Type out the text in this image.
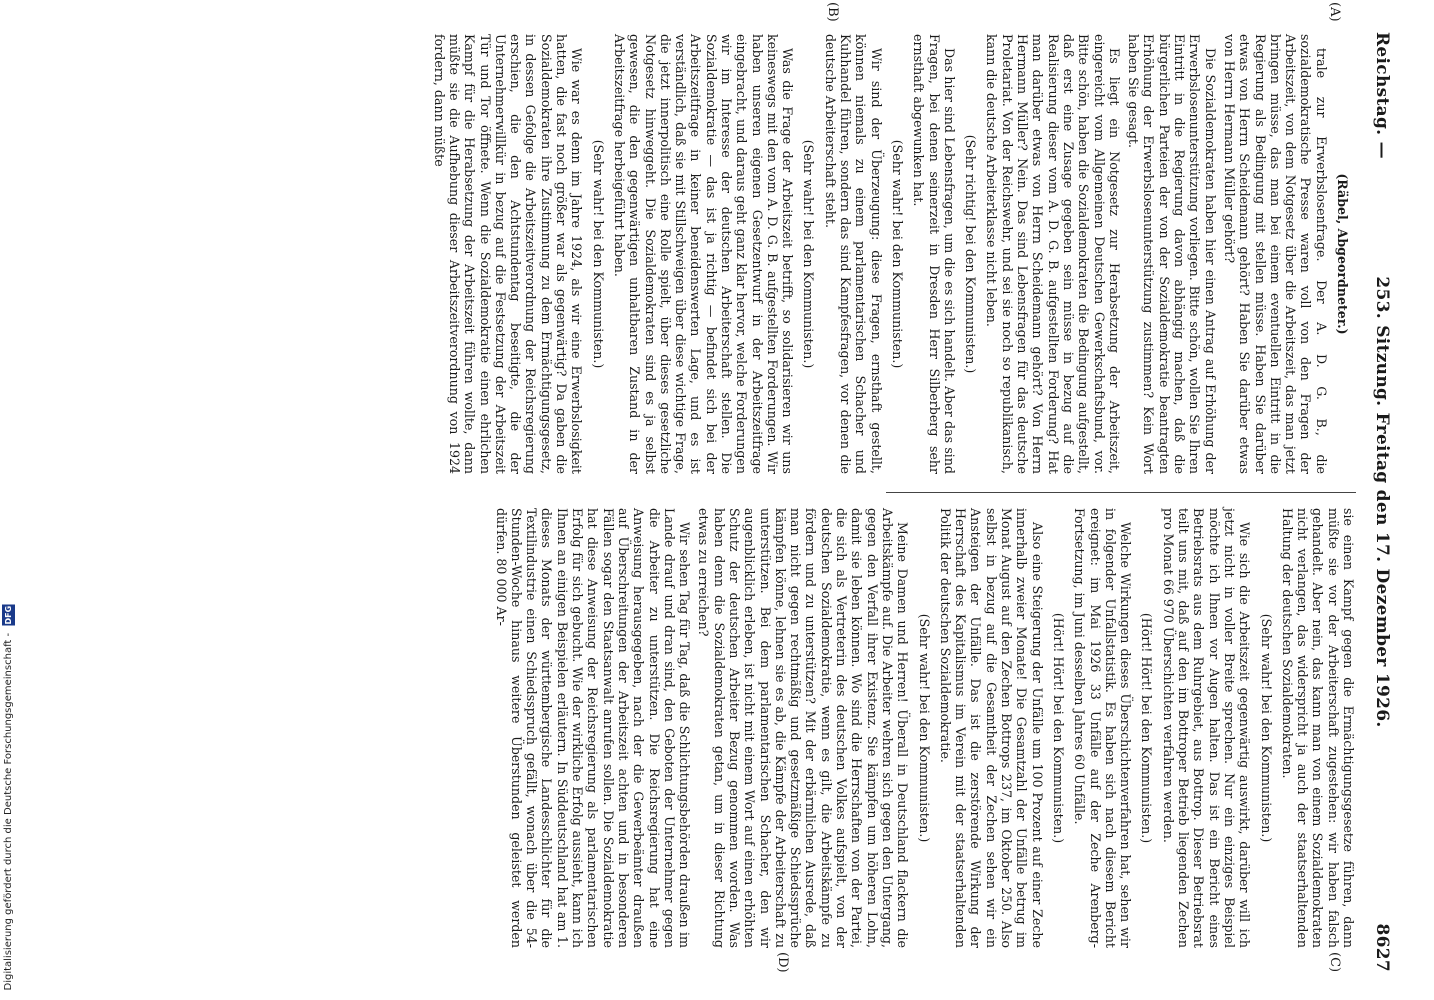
Reichstag. —
253. Sitzung. Freitag den 17. Dezember 1926.
8627
(A)
(B)
(C)
(D)

(Räbel, Abgeordneter.)

trale zur Erwerbslosenfrage. Der A. D. G. B., die sozialdemokratische Presse waren voll von den Fragen der Arbeitszeit, von dem Notgesetz über die Arbeitszeit, das man jetzt bringen müsse, das man bei einem eventuellen Eintritt in die Regierung als Bedingung mit stellen müsse. Haben Sie darüber etwas von Herrn Scheidemann gehört? Haben Sie darüber etwas von Herrn Hermann Müller gehört?

Die Sozialdemokraten haben hier einen Antrag auf Erhöhung der Erwerbslosenunterstützung vorliegen. Bitte schön, wollen Sie Ihren Eintritt in die Regierung davon abhängig machen, daß die bürgerlichen Parteien der von der Sozialdemokratie beantragten Erhöhung der Erwerbslosenunterstützung zustimmen? Kein Wort haben Sie gesagt.

Es liegt ein Notgesetz zur Herabsetzung der Arbeitszeit, eingereicht vom Allgemeinen Deutschen Gewerkschaftsbund, vor. Bitte schön, haben die Sozialdemokraten die Bedingung aufgestellt, daß erst eine Zusage gegeben sein müsse in bezug auf die Realisierung dieser vom A. D. G. B. aufgestellten Forderung? Hat man darüber etwas von Herrn Scheidemann gehört? Von Herrn Hermann Müller? Nein. Das sind Lebensfragen für das deutsche Proletariat. Von der Reichswehr, und sei sie noch so republikanisch, kann die deutsche Arbeiterklasse nicht leben.

(Sehr richtig! bei den Kommunisten.)

Das hier sind Lebensfragen, um die es sich handelt. Aber das sind Fragen, bei denen seinerzeit in Dresden Herr Silberberg sehr ernsthaft abgewunken hat.

(Sehr wahr! bei den Kommunisten.)

Wir sind der Überzeugung: diese Fragen, ernsthaft gestellt, können niemals zu einem parlamentarischen Schacher und Kuhhandel führen, sondern das sind Kampfesfragen, vor denen die deutsche Arbeiterschaft steht.

(Sehr wahr! bei den Kommunisten.)

Was die Frage der Arbeitszeit betrifft, so solidarisieren wir uns keineswegs mit den vom A. D. G. B. aufgestellten Forderungen. Wir haben unseren eigenen Gesetzentwurf in der Arbeitszeitfrage eingebracht, und daraus geht ganz klar hervor, welche Forderungen wir im Interesse der deutschen Arbeiterschaft stellen. Die Sozialdemokratie — das ist ja richtig — befindet sich bei der Arbeitszeitfrage in keiner beneidenswerten Lage, und es ist verständlich, daß sie mit Stillschweigen über diese wichtige Frage, die jetzt innerpolitisch eine Rolle spielt, über dieses gesetzliche Notgesetz hinweggeht. Die Sozialdemokraten sind es ja selbst gewesen, die den gegenwärtigen unhaltbaren Zustand in der Arbeitszeitfrage herbeigeführt haben.

(Sehr wahr! bei den Kommunisten.)

Wie war es denn im Jahre 1924, als wir eine Erwerbslosigkeit hatten, die fast noch größer war als gegenwärtig? Da gaben die Sozialdemokraten ihre Zustimmung zu dem Ermächtigungsgesetz, in dessen Gefolge die Arbeitszeitverordnung der Reichsregierung erschien, die den Achtstundentag beseitigte, die der Unternehmerwillkür in bezug auf die Festsetzung der Arbeitszeit Tür und Tor öffnete. Wenn die Sozialdemokratie einen ehrlichen Kampf für die Herabsetzung der Arbeitszeit führen wollte, dann müßte sie die Aufhebung dieser Arbeitszeitverordnung von 1924 fordern, dann müßte

sie einen Kampf gegen die Ermächtigungsgesetze führen, dann müßte sie vor der Arbeiterschaft zugestehen: wir haben falsch gehandelt. Aber nein, das kann man von einem Sozialdemokraten nicht verlangen, das widerspricht ja auch der staatserhaltenden Haltung der deutschen Sozialdemokraten.

(Sehr wahr! bei den Kommunisten.)

Wie sich die Arbeitszeit gegenwärtig auswirkt, darüber will ich jetzt nicht in voller Breite sprechen. Nur ein einziges Beispiel möchte ich Ihnen vor Augen halten. Das ist ein Bericht eines Betriebsrats aus dem Ruhrgebiet, aus Bottrop. Dieser Betriebsrat teilt uns mit, daß auf den im Bottroper Betrieb liegenden Zechen pro Monat 66 970 Überschichten verfahren werden.

(Hört! Hört! bei den Kommunisten.)

Welche Wirkungen dieses Überschichtenverfahren hat, sehen wir in folgender Unfallstatistik. Es haben sich nach diesem Bericht ereignet: im Mai 1926 33 Unfälle auf der Zeche Arenberg-Fortsetzung, im Juni desselben Jahres 60 Unfälle.

(Hört! Hört! bei den Kommunisten.)

Also eine Steigerung der Unfälle um 100 Prozent auf einer Zeche innerhalb zweier Monate! Die Gesamtzahl der Unfälle betrug im Monat August auf den Zechen Bottrops 237, im Oktober 250. Also selbst in bezug auf die Gesamtheit der Zechen sehen wir ein Ansteigen der Unfälle. Das ist die zerstörende Wirkung der Herrschaft des Kapitalismus im Verein mit der staatserhaltenden Politik der deutschen Sozialdemokratie.

(Sehr wahr! bei den Kommunisten.)

Meine Damen und Herren! Überall in Deutschland flackern die Arbeitskämpfe auf. Die Arbeiter wehren sich gegen den Untergang, gegen den Verfall ihrer Existenz. Sie kämpfen um höheren Lohn, damit sie leben können. Wo sind die Herrschaften von der Partei, die sich als Vertreterin des deutschen Volkes aufspielt, von der deutschen Sozialdemokratie, wenn es gilt, die Arbeitskämpfe zu fördern und zu unterstützen? Mit der erbärmlichen Ausrede, daß man nicht gegen rechtmäßig und gesetzmäßige Schiedssprüche kämpfen könne, lehnen sie es ab, die Kämpfe der Arbeiterschaft zu unterstützen. Bei dem parlamentarischen Schacher, den wir augenblicklich erleben, ist nicht mit einem Wort auf einen erhöhten Schutz der deutschen Arbeiter Bezug genommen worden. Was haben denn die Sozialdemokraten getan, um in dieser Richtung etwas zu erreichen?

Wir sehen Tag für Tag, daß die Schlichtungsbehörden draußen im Lande drauf und dran sind, den Geboten der Unternehmer gegen die Arbeiter zu unterstützen. Die Reichsregierung hat eine Anweisung herausgegeben, nach der die Gewerbeämter draußen auf Überschreitungen der Arbeitszeit achten und in besonderen Fällen sogar den Staatsanwalt anrufen sollen. Die Sozialdemokratie hat diese Anweisung der Reichsregierung als parlamentarischen Erfolg für sich gebucht. Wie der wirkliche Erfolg aussieht, kann ich Ihnen an einigen Beispielen erläutern. In Süddeutschland hat am 1. dieses Monats der württembergische Landesschlichter für die Textilindustrie einen Schiedsspruch gefällt, wonach über die 54-Stunden-Woche hinaus weitere Überstunden geleistet werden dürfen. 80 000 Ar-

Digitalisierung gefördert durch die Deutsche Forschungsgemeinschaft - DFG
